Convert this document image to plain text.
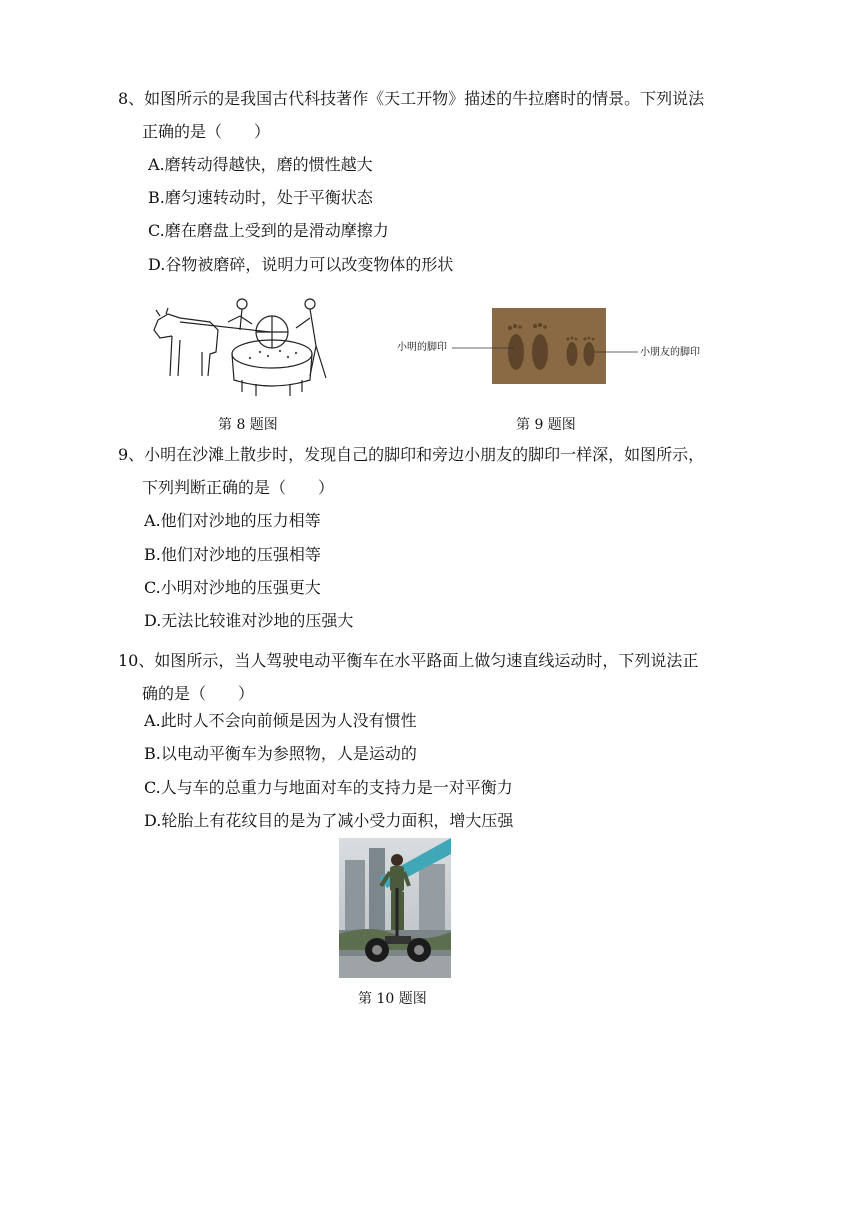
8、如图所示的是我国古代科技著作《天工开物》描述的牛拉磨时的情景。下列说法
正确的是（　　）
A.磨转动得越快，磨的惯性越大
B.磨匀速转动时，处于平衡状态
C.磨在磨盘上受到的是滑动摩擦力
D.谷物被磨碎，说明力可以改变物体的形状
小明的脚印	小朋友的脚印
第 8 题图	第 9 题图
9、小明在沙滩上散步时，发现自己的脚印和旁边小朋友的脚印一样深，如图所示，
下列判断正确的是（　　）
A.他们对沙地的压力相等
B.他们对沙地的压强相等
C.小明对沙地的压强更大
D.无法比较谁对沙地的压强大
10、如图所示，当人驾驶电动平衡车在水平路面上做匀速直线运动时，下列说法正
确的是（　　）
A.此时人不会向前倾是因为人没有惯性
B.以电动平衡车为参照物，人是运动的
C.人与车的总重力与地面对车的支持力是一对平衡力
D.轮胎上有花纹目的是为了减小受力面积，增大压强
第 10 题图
